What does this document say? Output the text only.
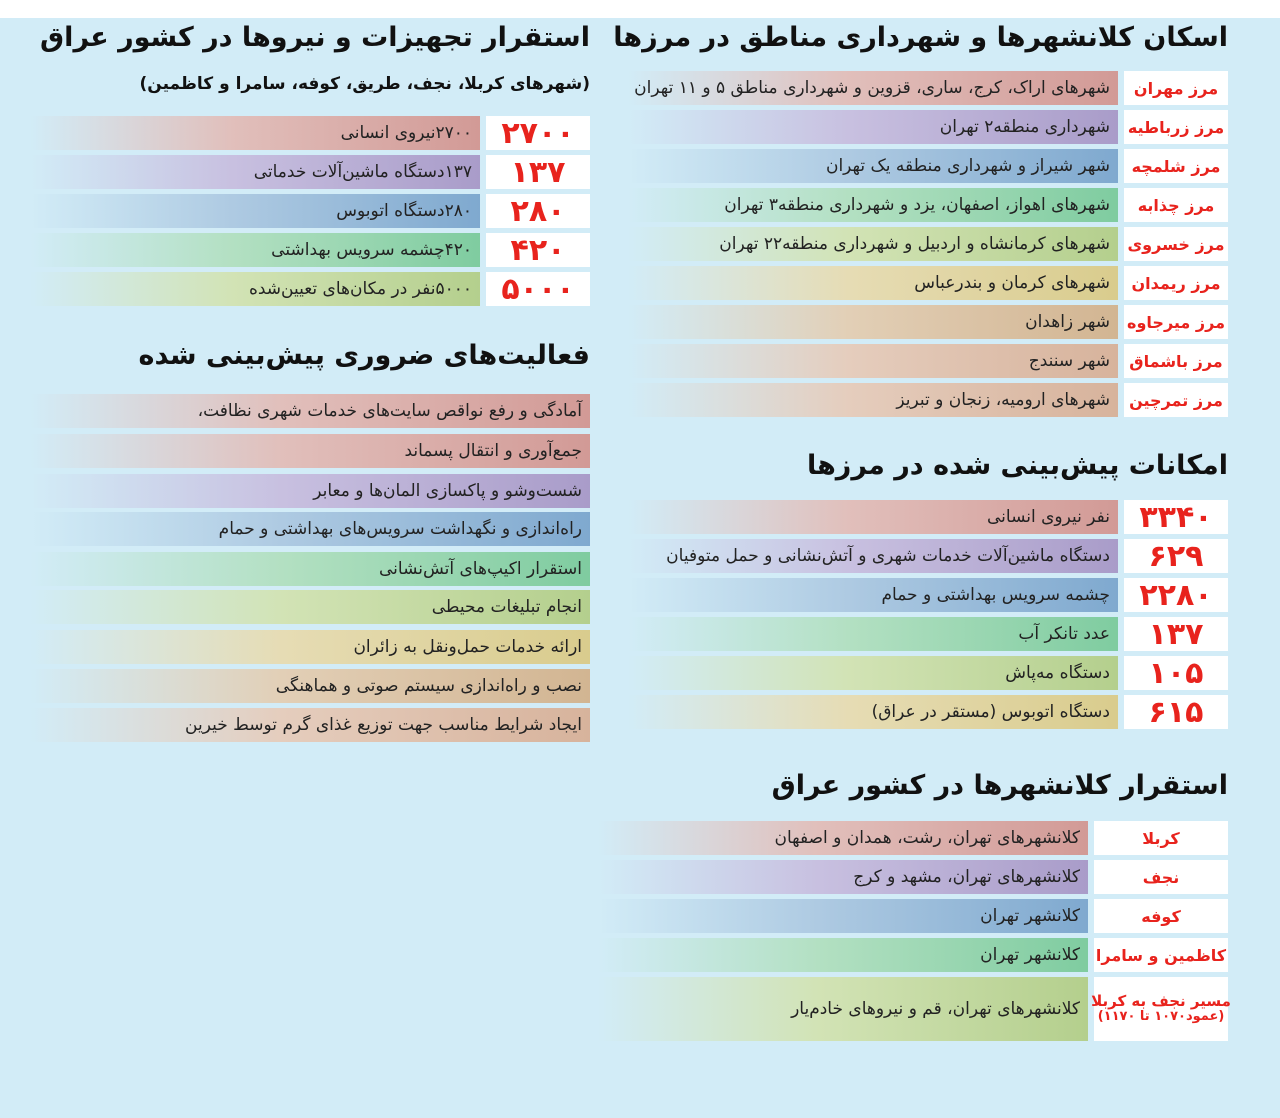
استقرار تجهیزات و نیروها در کشور عراق
(شهرهای کربلا، نجف، طریق، کوفه، سامرا و کاظمین)
۲۷۰۰
۲۷۰۰نیروی انسانی
۱۳۷
۱۳۷دستگاه ماشین‌آلات خدماتی
۲۸۰
۲۸۰دستگاه اتوبوس
۴۲۰
۴۲۰چشمه سرویس بهداشتی
۵۰۰۰
۵۰۰۰نفر در مکان‌های تعیین‌شده
فعالیت‌های ضروری پیش‌بینی شده
آمادگی و رفع نواقص سایت‌های خدمات شهری نظافت،
جمع‌آوری و انتقال پسماند
شست‌وشو و پاکسازی المان‌ها و معابر
راه‌اندازی و نگهداشت سرویس‌های بهداشتی و حمام
استقرار اکیپ‌های آتش‌نشانی
انجام تبلیغات محیطی
ارائه خدمات حمل‌ونقل به زائران
نصب و راه‌اندازی سیستم صوتی و هماهنگی
ایجاد شرایط مناسب جهت توزیع غذای گرم توسط خیرین
اسکان کلانشهرها و شهرداری مناطق در مرزها
مرز مهران
شهرهای اراک، کرج، ساری، قزوین و شهرداری مناطق ۵ و ۱۱ تهران
مرز زرباطیه
شهرداری منطقه۲ تهران
مرز شلمچه
شهر شیراز و شهرداری منطقه یک تهران
مرز چذابه
شهرهای اهواز، اصفهان، یزد و شهرداری منطقه۳ تهران
مرز خسروی
شهرهای کرمانشاه و اردبیل و شهرداری منطقه۲۲ تهران
مرز ریمدان
شهرهای کرمان و بندرعباس
مرز میرجاوه
شهر زاهدان
مرز باشماق
شهر سنندج
مرز تمرچین
شهرهای ارومیه، زنجان و تبریز
امکانات پیش‌بینی شده در مرزها
۳۳۴۰
نفر نیروی انسانی
۶۲۹
دستگاه ماشین‌آلات خدمات شهری و آتش‌نشانی و حمل متوفیان
۲۲۸۰
چشمه سرویس بهداشتی و حمام
۱۳۷
عدد تانکر آب
۱۰۵
دستگاه مه‌پاش
۶۱۵
دستگاه اتوبوس (مستقر در عراق)
استقرار کلانشهرها در کشور عراق
کربلا
کلانشهرهای تهران، رشت، همدان و اصفهان
نجف
کلانشهرهای تهران، مشهد و کرج
کوفه
کلانشهر تهران
کاظمین و سامرا
کلانشهر تهران
مسیر نجف به کربلا
(عمود۱۰۷۰ تا ۱۱۷۰)
کلانشهرهای تهران، قم و نیروهای خادم‌یار
